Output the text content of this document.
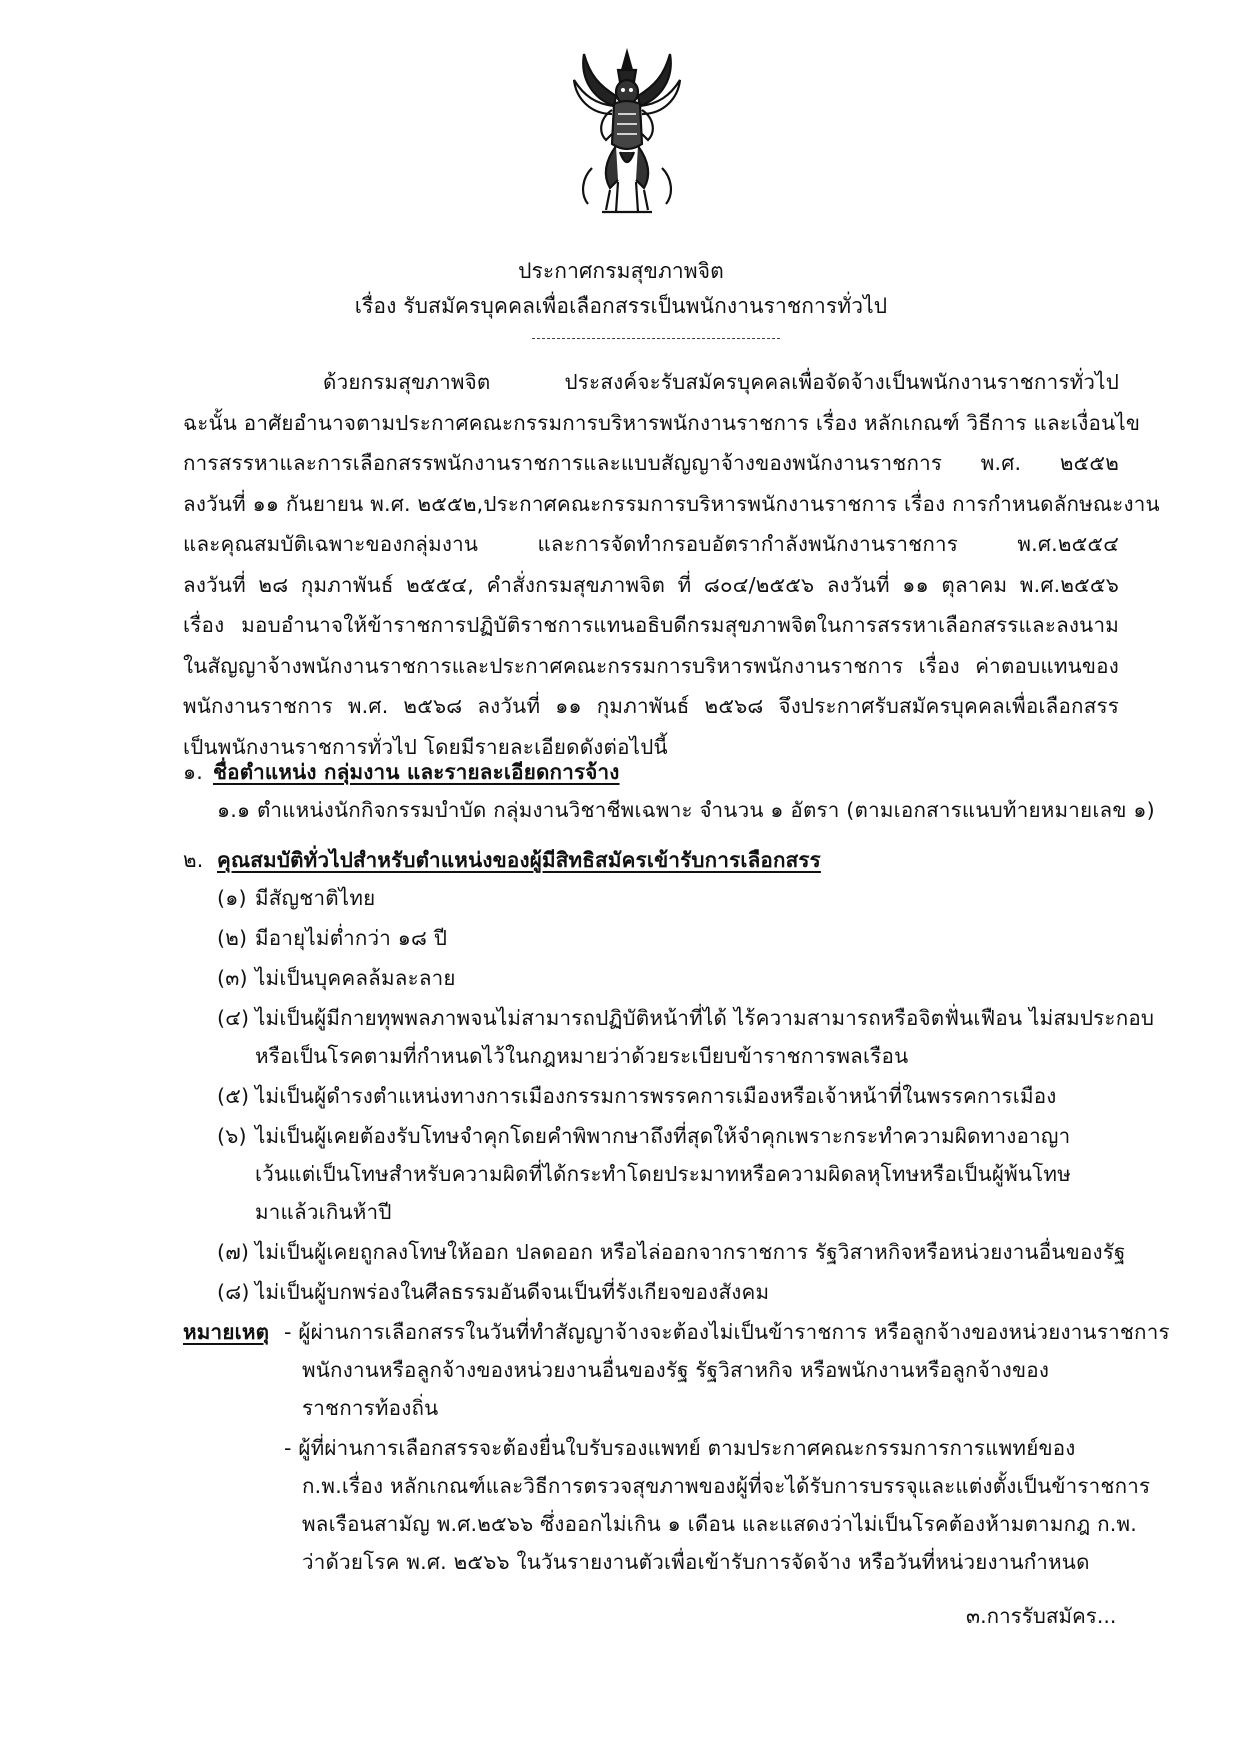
ประกาศกรมสุขภาพจิต
เรื่อง รับสมัครบุคคลเพื่อเลือกสรรเป็นพนักงานราชการทั่วไป
ด้วยกรมสุขภาพจิต ประสงค์จะรับสมัครบุคคลเพื่อจัดจ้างเป็นพนักงานราชการทั่วไป
ฉะนั้น อาศัยอำนาจตามประกาศคณะกรรมการบริหารพนักงานราชการ เรื่อง หลักเกณฑ์ วิธีการ และเงื่อนไข
การสรรหาและการเลือกสรรพนักงานราชการและแบบสัญญาจ้างของพนักงานราชการ พ.ศ. ๒๕๕๒
ลงวันที่ ๑๑ กันยายน พ.ศ. ๒๕๕๒,ประกาศคณะกรรมการบริหารพนักงานราชการ เรื่อง การกำหนดลักษณะงาน
และคุณสมบัติเฉพาะของกลุ่มงาน และการจัดทำกรอบอัตรากำลังพนักงานราชการ พ.ศ.๒๕๕๔
ลงวันที่ ๒๘ กุมภาพันธ์ ๒๕๕๔, คำสั่งกรมสุขภาพจิต ที่ ๘๐๔/๒๕๕๖ ลงวันที่ ๑๑ ตุลาคม พ.ศ.๒๕๕๖
เรื่อง มอบอำนาจให้ข้าราชการปฏิบัติราชการแทนอธิบดีกรมสุขภาพจิตในการสรรหาเลือกสรรและลงนาม
ในสัญญาจ้างพนักงานราชการและประกาศคณะกรรมการบริหารพนักงานราชการ เรื่อง ค่าตอบแทนของ
พนักงานราชการ พ.ศ. ๒๕๖๘ ลงวันที่ ๑๑ กุมภาพันธ์ ๒๕๖๘ จึงประกาศรับสมัครบุคคลเพื่อเลือกสรร
เป็นพนักงานราชการทั่วไป โดยมีรายละเอียดดังต่อไปนี้
๑. ชื่อตำแหน่ง กลุ่มงาน และรายละเอียดการจ้าง
๑.๑ ตำแหน่งนักกิจกรรมบำบัด กลุ่มงานวิชาชีพเฉพาะ จำนวน ๑ อัตรา (ตามเอกสารแนบท้ายหมายเลข ๑)
๒. คุณสมบัติทั่วไปสำหรับตำแหน่งของผู้มีสิทธิสมัครเข้ารับการเลือกสรร
(๑) มีสัญชาติไทย
(๒) มีอายุไม่ต่ำกว่า ๑๘ ปี
(๓) ไม่เป็นบุคคลล้มละลาย
(๔) ไม่เป็นผู้มีกายทุพพลภาพจนไม่สามารถปฏิบัติหน้าที่ได้ ไร้ความสามารถหรือจิตฟั่นเฟือน ไม่สมประกอบ
หรือเป็นโรคตามที่กำหนดไว้ในกฎหมายว่าด้วยระเบียบข้าราชการพลเรือน
(๕) ไม่เป็นผู้ดำรงตำแหน่งทางการเมืองกรรมการพรรคการเมืองหรือเจ้าหน้าที่ในพรรคการเมือง
(๖) ไม่เป็นผู้เคยต้องรับโทษจำคุกโดยคำพิพากษาถึงที่สุดให้จำคุกเพราะกระทำความผิดทางอาญา
เว้นแต่เป็นโทษสำหรับความผิดที่ได้กระทำโดยประมาทหรือความผิดลหุโทษหรือเป็นผู้พ้นโทษ
มาแล้วเกินห้าปี
(๗) ไม่เป็นผู้เคยถูกลงโทษให้ออก ปลดออก หรือไล่ออกจากราชการ รัฐวิสาหกิจหรือหน่วยงานอื่นของรัฐ
(๘) ไม่เป็นผู้บกพร่องในศีลธรรมอันดีจนเป็นที่รังเกียจของสังคม
หมายเหตุ - ผู้ผ่านการเลือกสรรในวันที่ทำสัญญาจ้างจะต้องไม่เป็นข้าราชการ หรือลูกจ้างของหน่วยงานราชการ
พนักงานหรือลูกจ้างของหน่วยงานอื่นของรัฐ รัฐวิสาหกิจ หรือพนักงานหรือลูกจ้างของ
ราชการท้องถิ่น
- ผู้ที่ผ่านการเลือกสรรจะต้องยื่นใบรับรองแพทย์ ตามประกาศคณะกรรมการการแพทย์ของ
ก.พ.เรื่อง หลักเกณฑ์และวิธีการตรวจสุขภาพของผู้ที่จะได้รับการบรรจุและแต่งตั้งเป็นข้าราชการ
พลเรือนสามัญ พ.ศ.๒๕๖๖ ซึ่งออกไม่เกิน ๑ เดือน และแสดงว่าไม่เป็นโรคต้องห้ามตามกฎ ก.พ.
ว่าด้วยโรค พ.ศ. ๒๕๖๖ ในวันรายงานตัวเพื่อเข้ารับการจัดจ้าง หรือวันที่หน่วยงานกำหนด
๓.การรับสมัคร...
